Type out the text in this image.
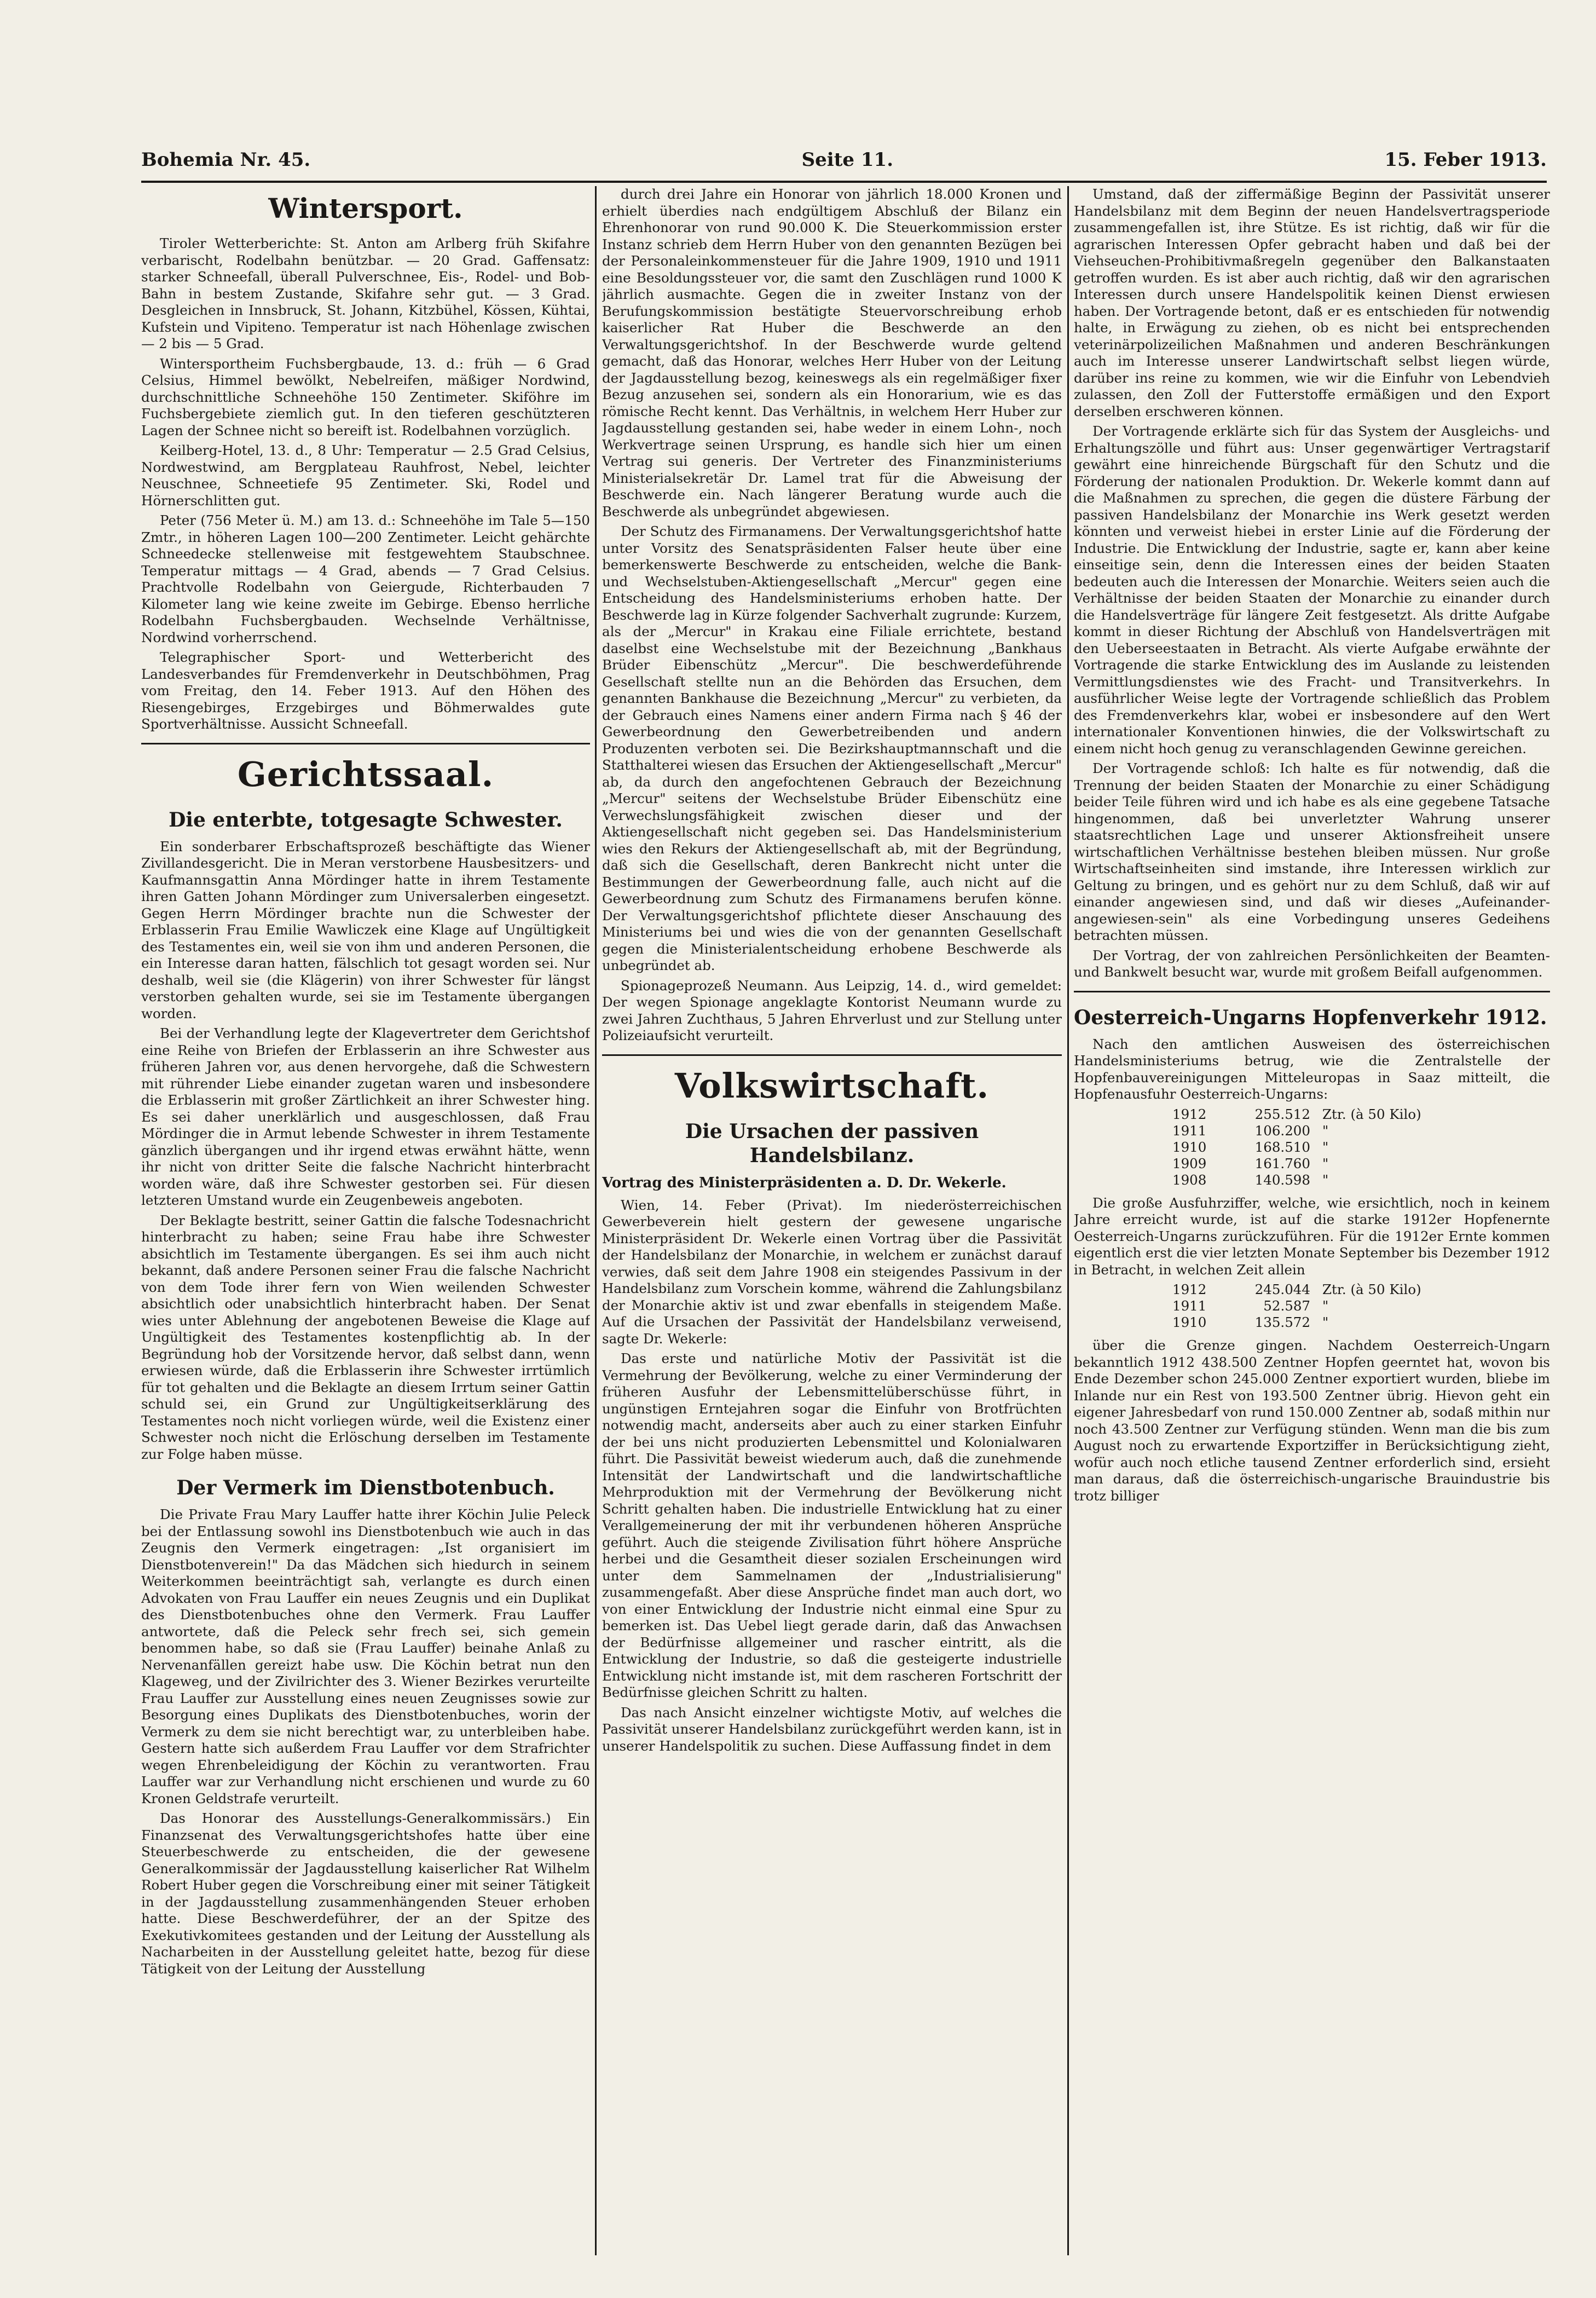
Bohemia Nr. 45.	Seite 11.	15. Feber 1913.
Wintersport.

Tiroler Wetterberichte: St. Anton am Arlberg früh Skifahre verbarischt, Rodelbahn benützbar. — 20 Grad. Gaffensatz: starker Schneefall, überall Pulverschnee, Eis-, Rodel- und Bob-Bahn in bestem Zustande, Skifahre sehr gut. — 3 Grad. Desgleichen in Innsbruck, St. Johann, Kitzbühel, Kössen, Kühtai, Kufstein und Vipiteno. Temperatur ist nach Höhenlage zwischen — 2 bis — 5 Grad.

Wintersportheim Fuchsbergbaude, 13. d.: früh — 6 Grad Celsius, Himmel bewölkt, Nebelreifen, mäßiger Nordwind, durchschnittliche Schneehöhe 150 Zentimeter. Skiföhre im Fuchsbergebiete ziemlich gut. In den tieferen geschützteren Lagen der Schnee nicht so bereift ist. Rodelbahnen vorzüglich.

Keilberg-Hotel, 13. d., 8 Uhr: Temperatur — 2.5 Grad Celsius, Nordwestwind, am Bergplateau Rauhfrost, Nebel, leichter Neuschnee, Schneetiefe 95 Zentimeter. Ski, Rodel und Hörnerschlitten gut.

Peter (756 Meter ü. M.) am 13. d.: Schneehöhe im Tale 5—150 Zmtr., in höheren Lagen 100—200 Zentimeter. Leicht gehärchte Schneedecke stellenweise mit festgewehtem Staubschnee. Temperatur mittags — 4 Grad, abends — 7 Grad Celsius. Prachtvolle Rodelbahn von Geiergude, Richterbauden 7 Kilometer lang wie keine zweite im Gebirge. Ebenso herrliche Rodelbahn Fuchsbergbauden. Wechselnde Verhältnisse, Nordwind vorherrschend.

Telegraphischer Sport- und Wetterbericht des Landesverbandes für Fremdenverkehr in Deutschböhmen, Prag vom Freitag, den 14. Feber 1913. Auf den Höhen des Riesengebirges, Erzgebirges und Böhmerwaldes gute Sportverhältnisse. Aussicht Schneefall.

Gerichtssaal.
Die enterbte, totgesagte Schwester.

Ein sonderbarer Erbschaftsprozeß beschäftigte das Wiener Zivillandesgericht. Die in Meran verstorbene Hausbesitzers- und Kaufmannsgattin Anna Mördinger hatte in ihrem Testamente ihren Gatten Johann Mördinger zum Universalerben eingesetzt. Gegen Herrn Mördinger brachte nun die Schwester der Erblasserin Frau Emilie Wawliczek eine Klage auf Ungültigkeit des Testamentes ein, weil sie von ihm und anderen Personen, die ein Interesse daran hatten, fälschlich tot gesagt worden sei. Nur deshalb, weil sie (die Klägerin) von ihrer Schwester für längst verstorben gehalten wurde, sei sie im Testamente übergangen worden.

Bei der Verhandlung legte der Klagevertreter dem Gerichtshof eine Reihe von Briefen der Erblasserin an ihre Schwester aus früheren Jahren vor, aus denen hervorgehe, daß die Schwestern mit rührender Liebe einander zugetan waren und insbesondere die Erblasserin mit großer Zärtlichkeit an ihrer Schwester hing. Es sei daher unerklärlich und ausgeschlossen, daß Frau Mördinger die in Armut lebende Schwester in ihrem Testamente gänzlich übergangen und ihr irgend etwas erwähnt hätte, wenn ihr nicht von dritter Seite die falsche Nachricht hinterbracht worden wäre, daß ihre Schwester gestorben sei. Für diesen letzteren Umstand wurde ein Zeugenbeweis angeboten.

Der Beklagte bestritt, seiner Gattin die falsche Todesnachricht hinterbracht zu haben; seine Frau habe ihre Schwester absichtlich im Testamente übergangen. Es sei ihm auch nicht bekannt, daß andere Personen seiner Frau die falsche Nachricht von dem Tode ihrer fern von Wien weilenden Schwester absichtlich oder unabsichtlich hinterbracht haben. Der Senat wies unter Ablehnung der angebotenen Beweise die Klage auf Ungültigkeit des Testamentes kostenpflichtig ab. In der Begründung hob der Vorsitzende hervor, daß selbst dann, wenn erwiesen würde, daß die Erblasserin ihre Schwester irrtümlich für tot gehalten und die Beklagte an diesem Irrtum seiner Gattin schuld sei, ein Grund zur Ungültigkeitserklärung des Testamentes noch nicht vorliegen würde, weil die Existenz einer Schwester noch nicht die Erlöschung derselben im Testamente zur Folge haben müsse.

Der Vermerk im Dienstbotenbuch.

Die Private Frau Mary Lauffer hatte ihrer Köchin Julie Peleck bei der Entlassung sowohl ins Dienstbotenbuch wie auch in das Zeugnis den Vermerk eingetragen: „Ist organisiert im Dienstbotenverein!" Da das Mädchen sich hiedurch in seinem Weiterkommen beeinträchtigt sah, verlangte es durch einen Advokaten von Frau Lauffer ein neues Zeugnis und ein Duplikat des Dienstbotenbuches ohne den Vermerk. Frau Lauffer antwortete, daß die Peleck sehr frech sei, sich gemein benommen habe, so daß sie (Frau Lauffer) beinahe Anlaß zu Nervenanfällen gereizt habe usw. Die Köchin betrat nun den Klageweg, und der Zivilrichter des 3. Wiener Bezirkes verurteilte Frau Lauffer zur Ausstellung eines neuen Zeugnisses sowie zur Besorgung eines Duplikats des Dienstbotenbuches, worin der Vermerk zu dem sie nicht berechtigt war, zu unterbleiben habe. Gestern hatte sich außerdem Frau Lauffer vor dem Strafrichter wegen Ehrenbeleidigung der Köchin zu verantworten. Frau Lauffer war zur Verhandlung nicht erschienen und wurde zu 60 Kronen Geldstrafe verurteilt.

Das Honorar des Ausstellungs-Generalkommissärs.) Ein Finanzsenat des Verwaltungsgerichtshofes hatte über eine Steuerbeschwerde zu entscheiden, die der gewesene Generalkommissär der Jagdausstellung kaiserlicher Rat Wilhelm Robert Huber gegen die Vorschreibung einer mit seiner Tätigkeit in der Jagdausstellung zusammenhängenden Steuer erhoben hatte. Diese Beschwerdeführer, der an der Spitze des Exekutivkomitees gestanden und der Leitung der Ausstellung als Nacharbeiten in der Ausstellung geleitet hatte, bezog für diese Tätigkeit von der Leitung der Ausstellung

durch drei Jahre ein Honorar von jährlich 18.000 Kronen und erhielt überdies nach endgültigem Abschluß der Bilanz ein Ehrenhonorar von rund 90.000 K. Die Steuerkommission erster Instanz schrieb dem Herrn Huber von den genannten Bezügen bei der Personaleinkommensteuer für die Jahre 1909, 1910 und 1911 eine Besoldungssteuer vor, die samt den Zuschlägen rund 1000 K jährlich ausmachte. Gegen die in zweiter Instanz von der Berufungskommission bestätigte Steuervorschreibung erhob kaiserlicher Rat Huber die Beschwerde an den Verwaltungsgerichtshof. In der Beschwerde wurde geltend gemacht, daß das Honorar, welches Herr Huber von der Leitung der Jagdausstellung bezog, keineswegs als ein regelmäßiger fixer Bezug anzusehen sei, sondern als ein Honorarium, wie es das römische Recht kennt. Das Verhältnis, in welchem Herr Huber zur Jagdausstellung gestanden sei, habe weder in einem Lohn-, noch Werkvertrage seinen Ursprung, es handle sich hier um einen Vertrag sui generis. Der Vertreter des Finanzministeriums Ministerialsekretär Dr. Lamel trat für die Abweisung der Beschwerde ein. Nach längerer Beratung wurde auch die Beschwerde als unbegründet abgewiesen.

Der Schutz des Firmanamens. Der Verwaltungsgerichtshof hatte unter Vorsitz des Senatspräsidenten Falser heute über eine bemerkenswerte Beschwerde zu entscheiden, welche die Bank- und Wechselstuben-Aktiengesellschaft „Mercur" gegen eine Entscheidung des Handelsministeriums erhoben hatte. Der Beschwerde lag in Kürze folgender Sachverhalt zugrunde: Kurzem, als der „Mercur" in Krakau eine Filiale errichtete, bestand daselbst eine Wechselstube mit der Bezeichnung „Bankhaus Brüder Eibenschütz „Mercur". Die beschwerdeführende Gesellschaft stellte nun an die Behörden das Ersuchen, dem genannten Bankhause die Bezeichnung „Mercur" zu verbieten, da der Gebrauch eines Namens einer andern Firma nach § 46 der Gewerbeordnung den Gewerbetreibenden und andern Produzenten verboten sei. Die Bezirkshauptmannschaft und die Statthalterei wiesen das Ersuchen der Aktiengesellschaft „Mercur" ab, da durch den angefochtenen Gebrauch der Bezeichnung „Mercur" seitens der Wechselstube Brüder Eibenschütz eine Verwechslungsfähigkeit zwischen dieser und der Aktiengesellschaft nicht gegeben sei. Das Handelsministerium wies den Rekurs der Aktiengesellschaft ab, mit der Begründung, daß sich die Gesellschaft, deren Bankrecht nicht unter die Bestimmungen der Gewerbeordnung falle, auch nicht auf die Gewerbeordnung zum Schutz des Firmanamens berufen könne. Der Verwaltungsgerichtshof pflichtete dieser Anschauung des Ministeriums bei und wies die von der genannten Gesellschaft gegen die Ministerialentscheidung erhobene Beschwerde als unbegründet ab.

Spionageprozeß Neumann. Aus Leipzig, 14. d., wird gemeldet: Der wegen Spionage angeklagte Kontorist Neumann wurde zu zwei Jahren Zuchthaus, 5 Jahren Ehrverlust und zur Stellung unter Polizeiaufsicht verurteilt.

Volkswirtschaft.
Die Ursachen der passiven Handelsbilanz.
Vortrag des Ministerpräsidenten a. D. Dr. Wekerle.

Wien, 14. Feber (Privat). Im niederösterreichischen Gewerbeverein hielt gestern der gewesene ungarische Ministerpräsident Dr. Wekerle einen Vortrag über die Passivität der Handelsbilanz der Monarchie, in welchem er zunächst darauf verwies, daß seit dem Jahre 1908 ein steigendes Passivum in der Handelsbilanz zum Vorschein komme, während die Zahlungsbilanz der Monarchie aktiv ist und zwar ebenfalls in steigendem Maße. Auf die Ursachen der Passivität der Handelsbilanz verweisend, sagte Dr. Wekerle:

Das erste und natürliche Motiv der Passivität ist die Vermehrung der Bevölkerung, welche zu einer Verminderung der früheren Ausfuhr der Lebensmittelüberschüsse führt, in ungünstigen Erntejahren sogar die Einfuhr von Brotfrüchten notwendig macht, anderseits aber auch zu einer starken Einfuhr der bei uns nicht produzierten Lebensmittel und Kolonialwaren führt. Die Passivität beweist wiederum auch, daß die zunehmende Intensität der Landwirtschaft und die landwirtschaftliche Mehrproduktion mit der Vermehrung der Bevölkerung nicht Schritt gehalten haben. Die industrielle Entwicklung hat zu einer Verallgemeinerung der mit ihr verbundenen höheren Ansprüche geführt. Auch die steigende Zivilisation führt höhere Ansprüche herbei und die Gesamtheit dieser sozialen Erscheinungen wird unter dem Sammelnamen der „Industrialisierung" zusammengefaßt. Aber diese Ansprüche findet man auch dort, wo von einer Entwicklung der Industrie nicht einmal eine Spur zu bemerken ist. Das Uebel liegt gerade darin, daß das Anwachsen der Bedürfnisse allgemeiner und rascher eintritt, als die Entwicklung der Industrie, so daß die gesteigerte industrielle Entwicklung nicht imstande ist, mit dem rascheren Fortschritt der Bedürfnisse gleichen Schritt zu halten.

Das nach Ansicht einzelner wichtigste Motiv, auf welches die Passivität unserer Handelsbilanz zurückgeführt werden kann, ist in unserer Handelspolitik zu suchen. Diese Auffassung findet in dem

Umstand, daß der ziffermäßige Beginn der Passivität unserer Handelsbilanz mit dem Beginn der neuen Handelsvertragsperiode zusammengefallen ist, ihre Stütze. Es ist richtig, daß wir für die agrarischen Interessen Opfer gebracht haben und daß bei der Viehseuchen-Prohibitivmaßregeln gegenüber den Balkanstaaten getroffen wurden. Es ist aber auch richtig, daß wir den agrarischen Interessen durch unsere Handelspolitik keinen Dienst erwiesen haben. Der Vortragende betont, daß er es entschieden für notwendig halte, in Erwägung zu ziehen, ob es nicht bei entsprechenden veterinärpolizeilichen Maßnahmen und anderen Beschränkungen auch im Interesse unserer Landwirtschaft selbst liegen würde, darüber ins reine zu kommen, wie wir die Einfuhr von Lebendvieh zulassen, den Zoll der Futterstoffe ermäßigen und den Export derselben erschweren können.

Der Vortragende erklärte sich für das System der Ausgleichs- und Erhaltungszölle und führt aus: Unser gegenwärtiger Vertragstarif gewährt eine hinreichende Bürgschaft für den Schutz und die Förderung der nationalen Produktion. Dr. Wekerle kommt dann auf die Maßnahmen zu sprechen, die gegen die düstere Färbung der passiven Handelsbilanz der Monarchie ins Werk gesetzt werden könnten und verweist hiebei in erster Linie auf die Förderung der Industrie. Die Entwicklung der Industrie, sagte er, kann aber keine einseitige sein, denn die Interessen eines der beiden Staaten bedeuten auch die Interessen der Monarchie. Weiters seien auch die Verhältnisse der beiden Staaten der Monarchie zu einander durch die Handelsverträge für längere Zeit festgesetzt. Als dritte Aufgabe kommt in dieser Richtung der Abschluß von Handelsverträgen mit den Ueberseestaaten in Betracht. Als vierte Aufgabe erwähnte der Vortragende die starke Entwicklung des im Auslande zu leistenden Vermittlungsdienstes wie des Fracht- und Transitverkehrs. In ausführlicher Weise legte der Vortragende schließlich das Problem des Fremdenverkehrs klar, wobei er insbesondere auf den Wert internationaler Konventionen hinwies, die der Volkswirtschaft zu einem nicht hoch genug zu veranschlagenden Gewinne gereichen.

Der Vortragende schloß: Ich halte es für notwendig, daß die Trennung der beiden Staaten der Monarchie zu einer Schädigung beider Teile führen wird und ich habe es als eine gegebene Tatsache hingenommen, daß bei unverletzter Wahrung unserer staatsrechtlichen Lage und unserer Aktionsfreiheit unsere wirtschaftlichen Verhältnisse bestehen bleiben müssen. Nur große Wirtschaftseinheiten sind imstande, ihre Interessen wirklich zur Geltung zu bringen, und es gehört nur zu dem Schluß, daß wir auf einander angewiesen sind, und daß wir dieses „Aufeinander-angewiesen-sein" als eine Vorbedingung unseres Gedeihens betrachten müssen.

Der Vortrag, der von zahlreichen Persönlichkeiten der Beamten- und Bankwelt besucht war, wurde mit großem Beifall aufgenommen.

Oesterreich-Ungarns Hopfenverkehr 1912.

Nach den amtlichen Ausweisen des österreichischen Handelsministeriums betrug, wie die Zentralstelle der Hopfenbauvereinigungen Mitteleuropas in Saaz mitteilt, die Hopfenausfuhr Oesterreich-Ungarns:

1912	255.512 Ztr. (à 50 Kilo)
1911	106.200 "
1910	168.510 "
1909	161.760 "
1908	140.598 "

Die große Ausfuhrziffer, welche, wie ersichtlich, noch in keinem Jahre erreicht wurde, ist auf die starke 1912er Hopfenernte Oesterreich-Ungarns zurückzuführen. Für die 1912er Ernte kommen eigentlich erst die vier letzten Monate September bis Dezember 1912 in Betracht, in welchen Zeit allein

1912	245.044 Ztr. (à 50 Kilo)
1911	52.587 "
1910	135.572 "

über die Grenze gingen. Nachdem Oesterreich-Ungarn bekanntlich 1912 438.500 Zentner Hopfen geerntet hat, wovon bis Ende Dezember schon 245.000 Zentner exportiert wurden, bliebe im Inlande nur ein Rest von 193.500 Zentner übrig. Hievon geht ein eigener Jahresbedarf von rund 150.000 Zentner ab, sodaß mithin nur noch 43.500 Zentner zur Verfügung stünden. Wenn man die bis zum August noch zu erwartende Exportziffer in Berücksichtigung zieht, wofür auch noch etliche tausend Zentner erforderlich sind, ersieht man daraus, daß die österreichisch-ungarische Brauindustrie bis trotz billiger
